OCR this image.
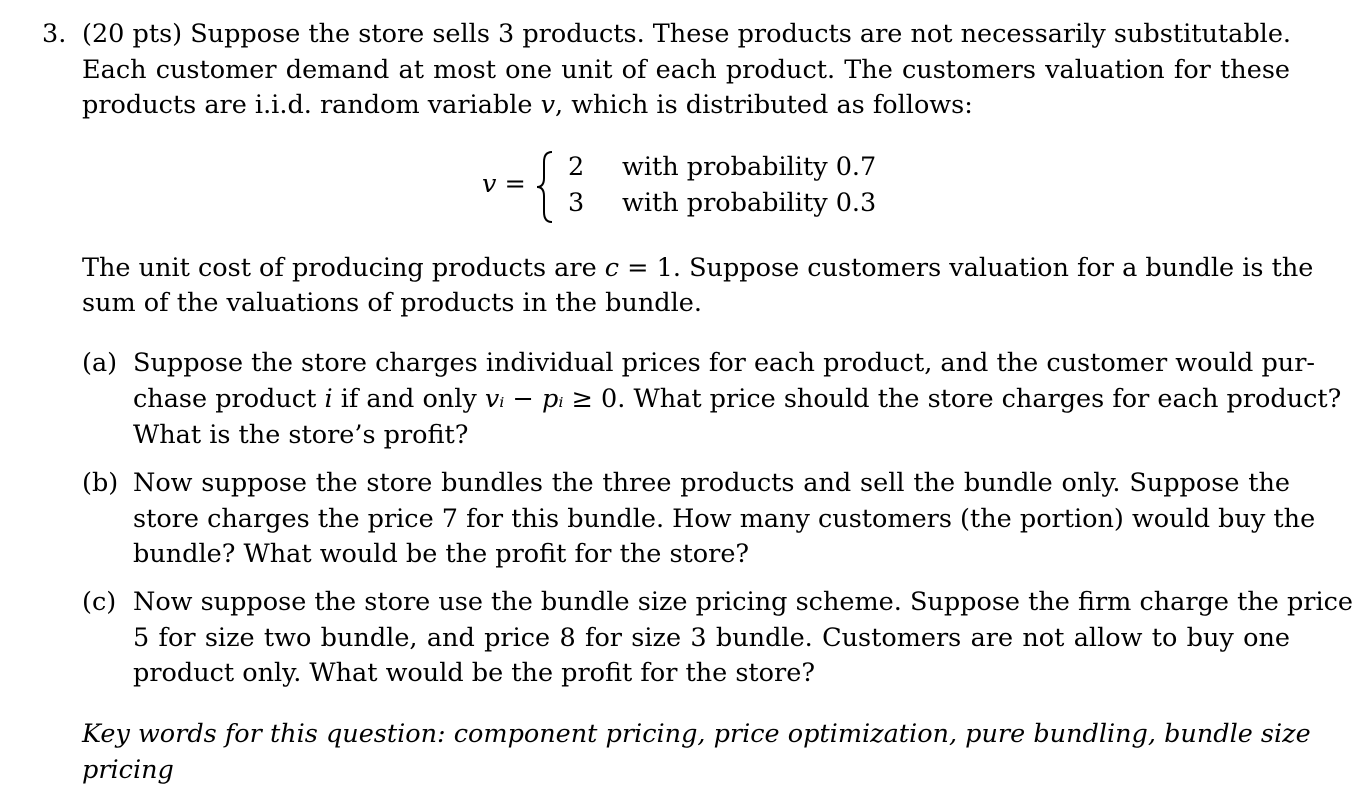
3. (20 pts) Suppose the store sells 3 products. These products are not necessarily substitutable.
Each customer demand at most one unit of each product. The customers valuation for these
products are i.i.d. random variable v, which is distributed as follows:
v =
2 with probability 0.7
3 with probability 0.3
The unit cost of producing products are c = 1. Suppose customers valuation for a bundle is the
sum of the valuations of products in the bundle.
(a) Suppose the store charges individual prices for each product, and the customer would pur-
chase product i if and only vᵢ − pᵢ ≥ 0. What price should the store charges for each product?
What is the store’s profit?
(b) Now suppose the store bundles the three products and sell the bundle only. Suppose the
store charges the price 7 for this bundle. How many customers (the portion) would buy the
bundle? What would be the profit for the store?
(c) Now suppose the store use the bundle size pricing scheme. Suppose the firm charge the price
5 for size two bundle, and price 8 for size 3 bundle. Customers are not allow to buy one
product only. What would be the profit for the store?
Key words for this question: component pricing, price optimization, pure bundling, bundle size
pricing
